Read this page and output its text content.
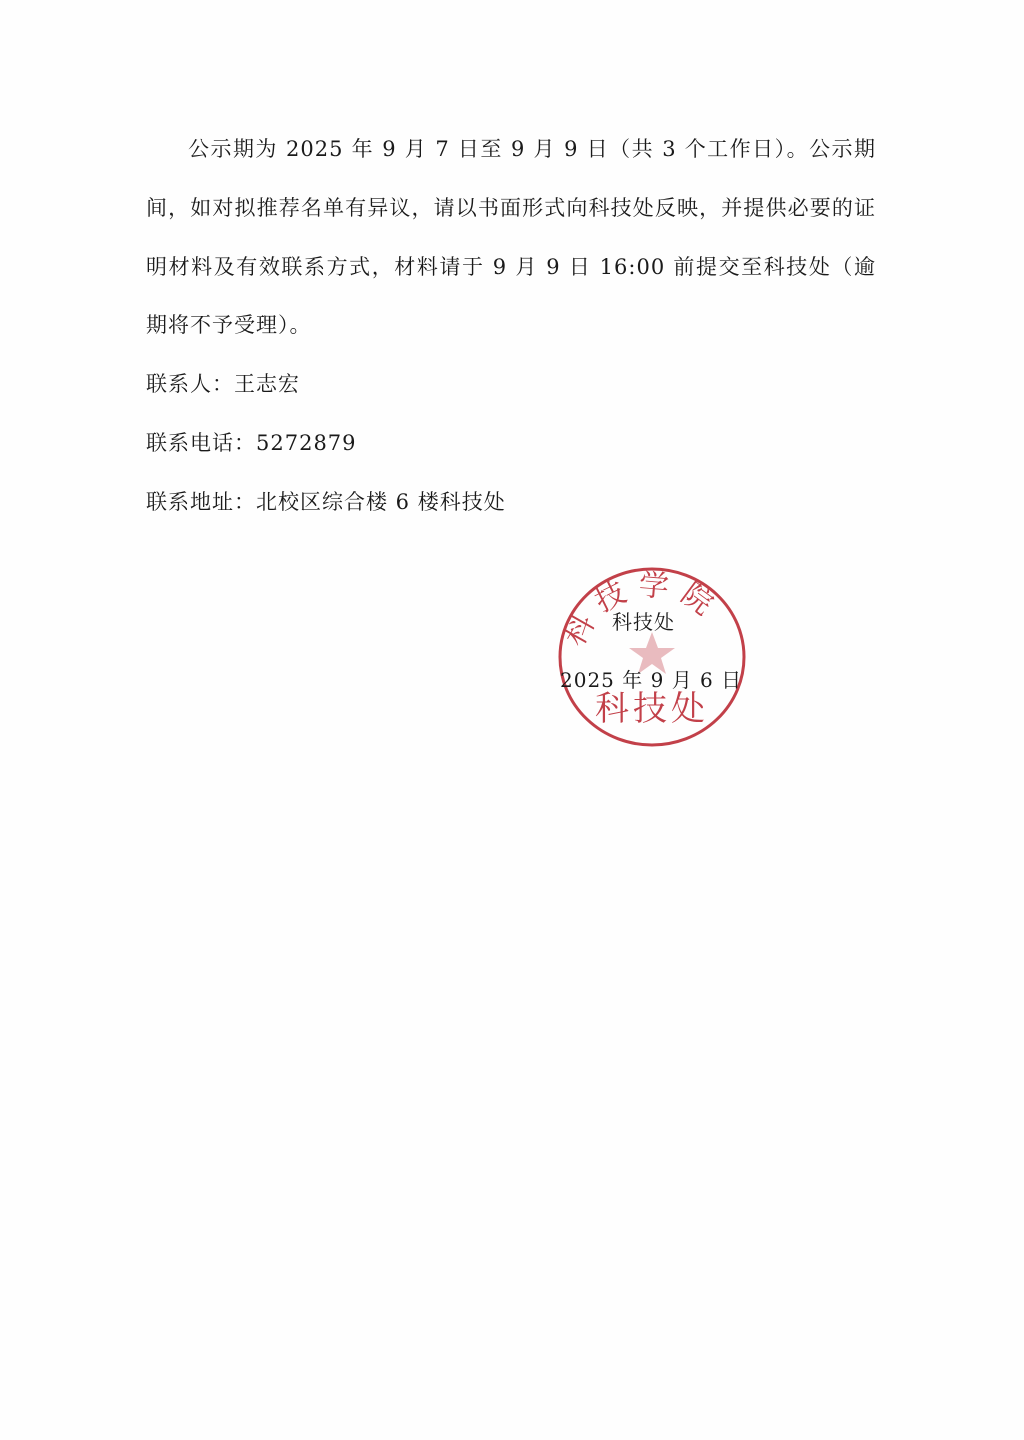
公示期为 2025 年 9 月 7 日至 9 月 9 日（共 3 个工作日）。公示期间，如对拟推荐名单有异议，请以书面形式向科技处反映，并提供必要的证明材料及有效联系方式，材料请于 9 月 9 日 16:00 前提交至科技处（逾期将不予受理）。

联系人：王志宏

联系电话：5272879

联系地址：北校区综合楼 6 楼科技处

科技学院
科技处
科技处
2025 年 9 月 6 日
